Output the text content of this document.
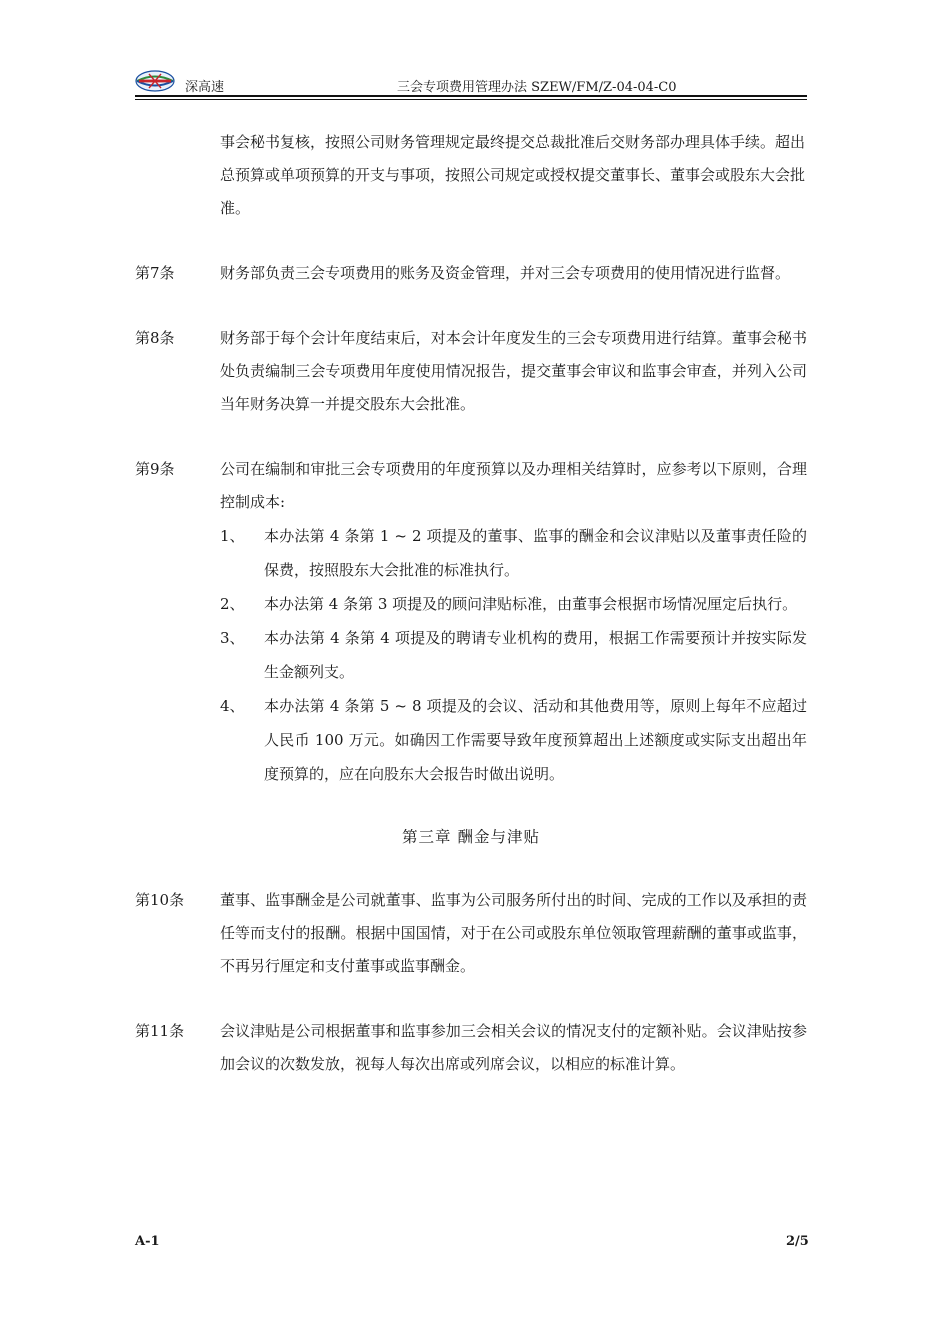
深高速	三会专项费用管理办法 SZEW/FM/Z-04-04-C0

事会秘书复核，按照公司财务管理规定最终提交总裁批准后交财务部办理具体手续。超出总预算或单项预算的开支与事项，按照公司规定或授权提交董事长、董事会或股东大会批准。

第7条	财务部负责三会专项费用的账务及资金管理，并对三会专项费用的使用情况进行监督。
第8条	财务部于每个会计年度结束后，对本会计年度发生的三会专项费用进行结算。董事会秘书处负责编制三会专项费用年度使用情况报告，提交董事会审议和监事会审查，并列入公司当年财务决算一并提交股东大会批准。
第9条	公司在编制和审批三会专项费用的年度预算以及办理相关结算时，应参考以下原则，合理控制成本:
1、	本办法第 4 条第 1 ~ 2 项提及的董事、监事的酬金和会议津贴以及董事责任险的保费，按照股东大会批准的标准执行。
2、	本办法第 4 条第 3 项提及的顾问津贴标准，由董事会根据市场情况厘定后执行。
3、	本办法第 4 条第 4 项提及的聘请专业机构的费用，根据工作需要预计并按实际发生金额列支。
4、	本办法第 4 条第 5 ~ 8 项提及的会议、活动和其他费用等，原则上每年不应超过人民币 100 万元。如确因工作需要导致年度预算超出上述额度或实际支出超出年度预算的，应在向股东大会报告时做出说明。
第三章 酬金与津贴
第10条	董事、监事酬金是公司就董事、监事为公司服务所付出的时间、完成的工作以及承担的责任等而支付的报酬。根据中国国情，对于在公司或股东单位领取管理薪酬的董事或监事，不再另行厘定和支付董事或监事酬金。
第11条	会议津贴是公司根据董事和监事参加三会相关会议的情况支付的定额补贴。会议津贴按参加会议的次数发放，视每人每次出席或列席会议，以相应的标准计算。
A-1	2/5
